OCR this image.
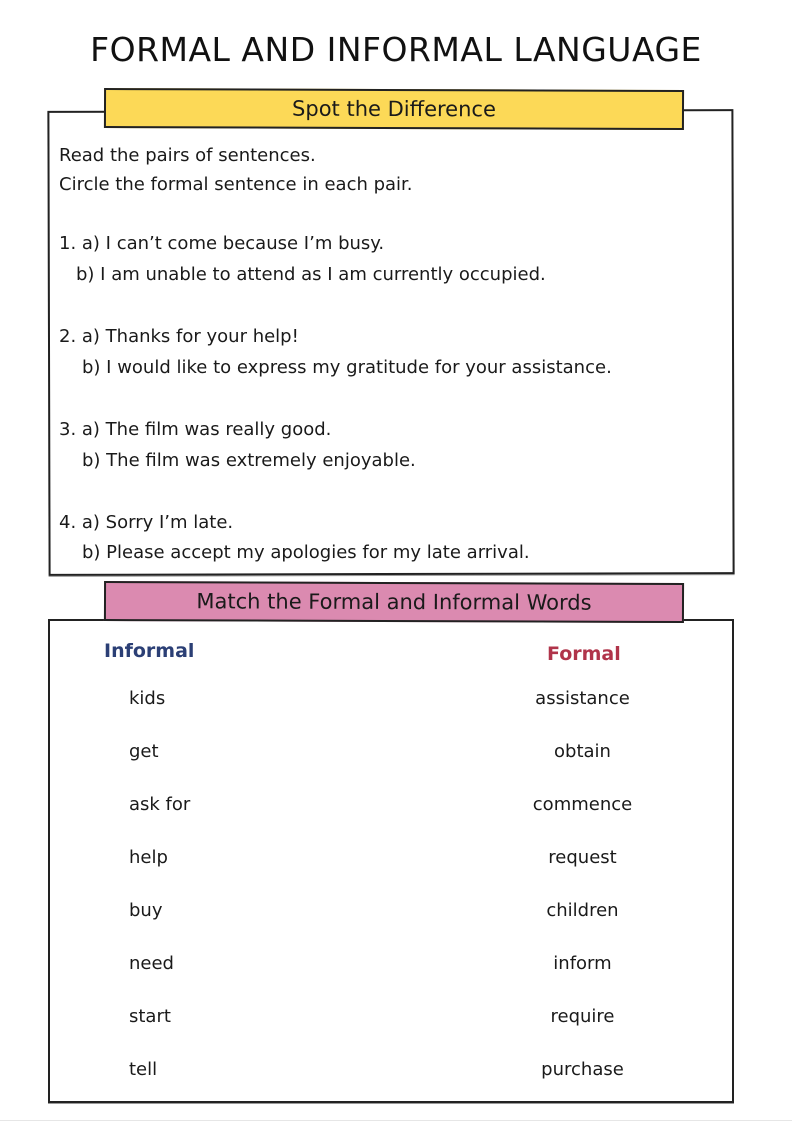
FORMAL AND INFORMAL LANGUAGE
Spot the Difference
Read the pairs of sentences.
Circle the formal sentence in each pair.
1. a) I can’t come because I’m busy.
b) I am unable to attend as I am currently occupied.
2. a) Thanks for your help!
b) I would like to express my gratitude for your assistance.
3. a) The film was really good.
b) The film was extremely enjoyable.
4. a) Sorry I’m late.
b) Please accept my apologies for my late arrival.
Match the Formal and Informal Words
Informal	Formal
kids
get
ask for
help
buy
need
start
tell
assistance
obtain
commence
request
children
inform
require
purchase
